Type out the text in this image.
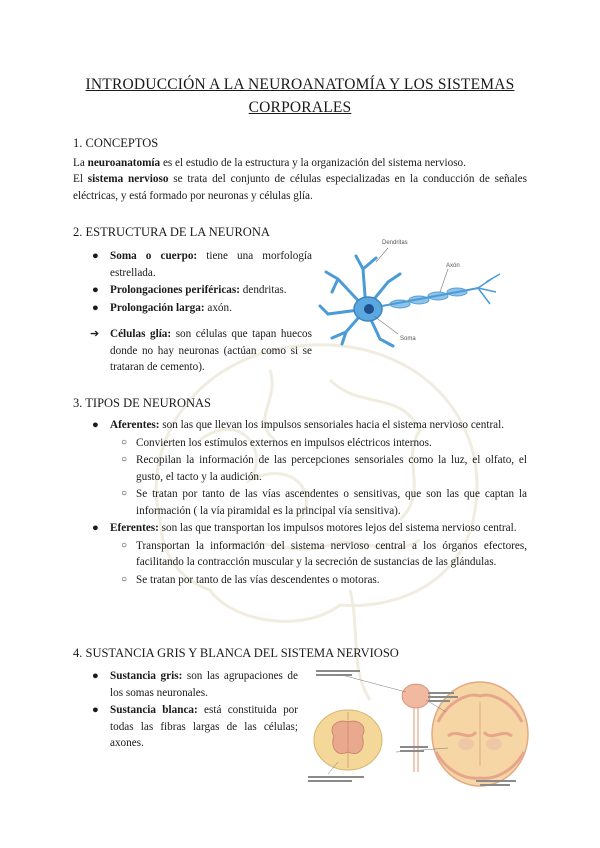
INTRODUCCIÓN A LA NEUROANATOMÍA Y LOS SISTEMAS CORPORALES
1. CONCEPTOS

La neuroanatomía es el estudio de la estructura y la organización del sistema nervioso.

El sistema nervioso se trata del conjunto de células especializadas en la conducción de señales eléctricas, y está formado por neuronas y células glía.

2. ESTRUCTURA DE LA NEURONA
● Soma o cuerpo: tiene una morfología estrellada.
● Prolongaciones periféricas: dendritas.
● Prolongación larga: axón.
➔ Células glía: son células que tapan huecos donde no hay neuronas (actúan como si se trataran de cemento).
Dendritas
Axón
Soma
3. TIPOS DE NEURONAS
● Aferentes: son las que llevan los impulsos sensoriales hacia el sistema nervioso central.
○ Convierten los estímulos externos en impulsos eléctricos internos.
○ Recopilan la información de las percepciones sensoriales como la luz, el olfato, el gusto, el tacto y la audición.
○ Se tratan por tanto de las vías ascendentes o sensitivas, que son las que captan la información ( la vía piramidal es la principal vía sensitiva).
● Eferentes: son las que transportan los impulsos motores lejos del sistema nervioso central.
○ Transportan la información del sistema nervioso central a los órganos efectores, facilitando la contracción muscular y la secreción de sustancias de las glándulas.
○ Se tratan por tanto de las vías descendentes o motoras.
4. SUSTANCIA GRIS Y BLANCA DEL SISTEMA NERVIOSO
● Sustancia gris: son las agrupaciones de los somas neuronales.
● Sustancia blanca: está constituida por todas las fibras largas de las células; axones.
